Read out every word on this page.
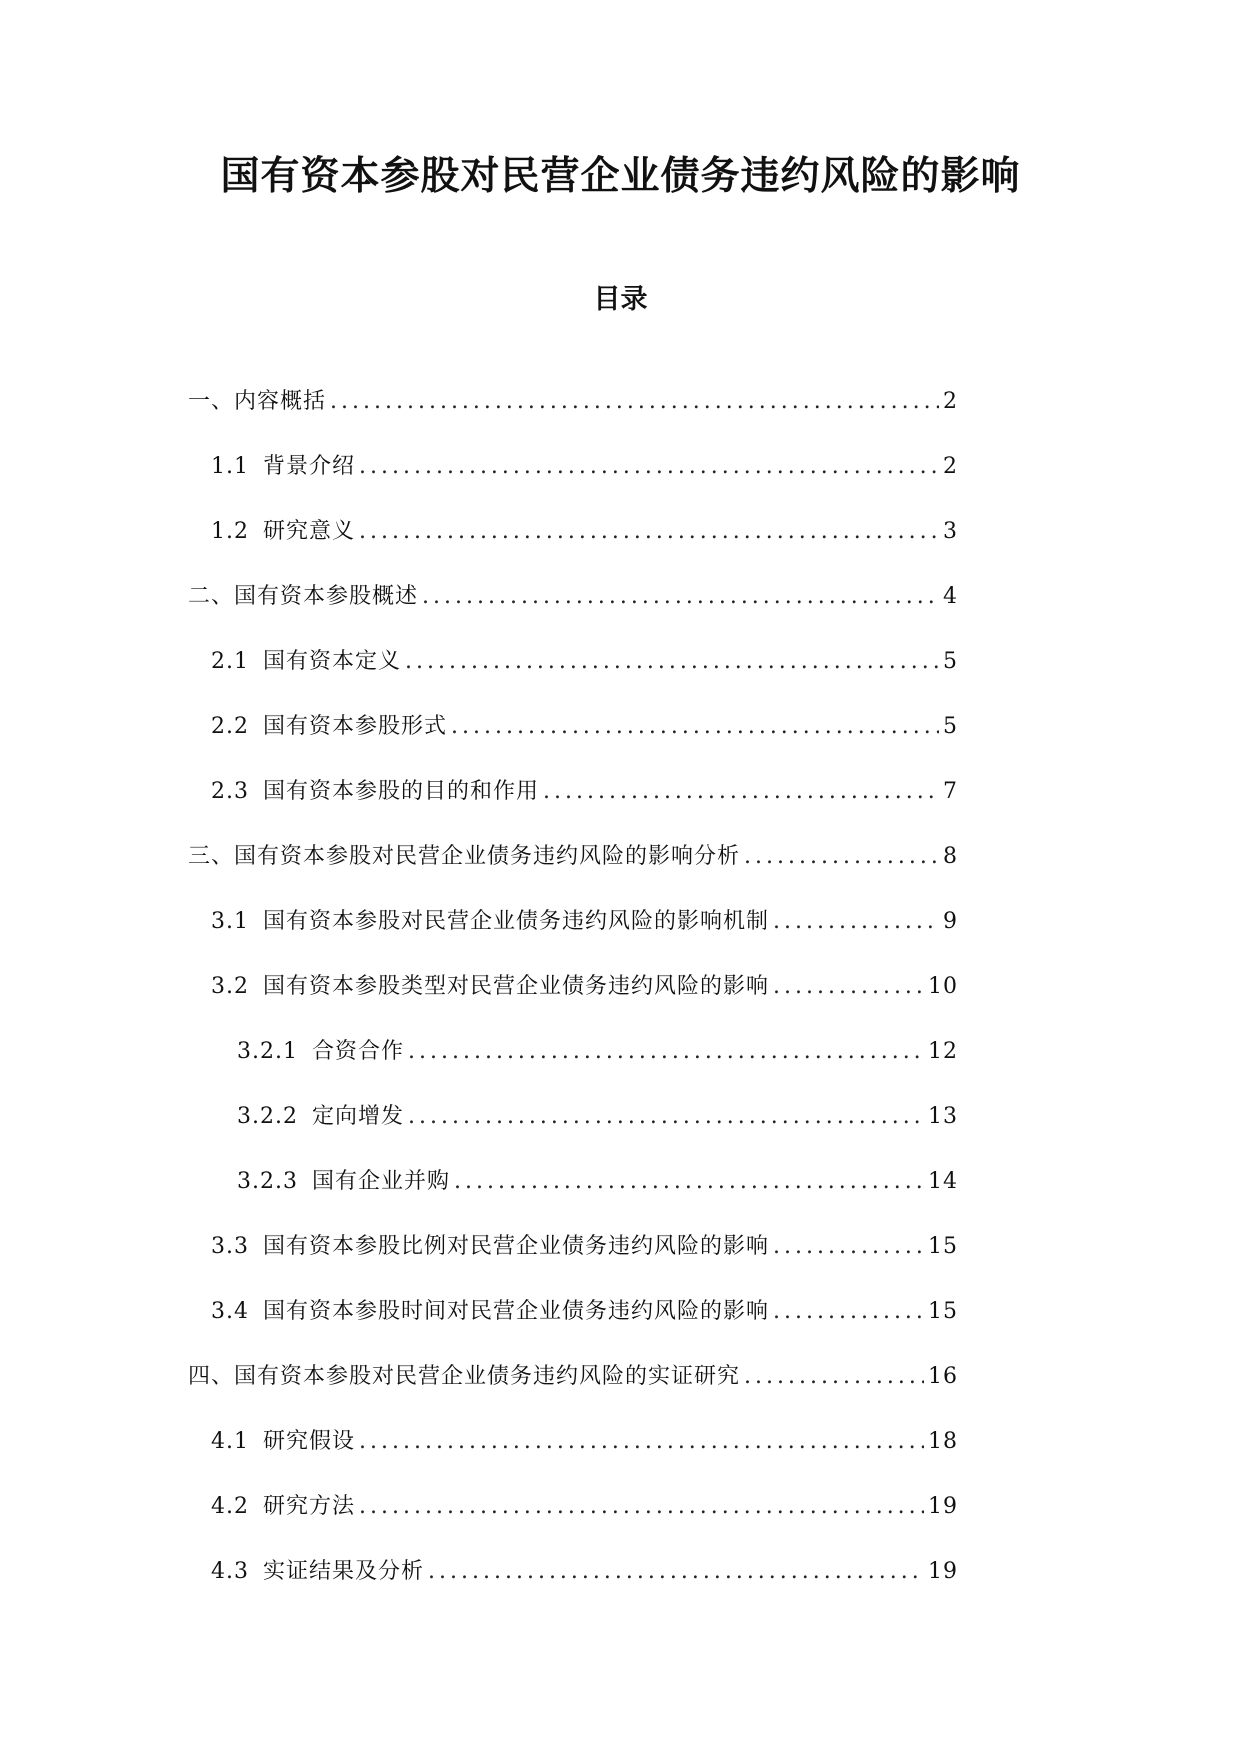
国有资本参股对民营企业债务违约风险的影响
目录
一、内容概括 .....	2
1.1 背景介绍 .....	2
1.2 研究意义 .....	3
二、国有资本参股概述 .....	4
2.1 国有资本定义 .....	5
2.2 国有资本参股形式 .....	5
2.3 国有资本参股的目的和作用 .....	7
三、国有资本参股对民营企业债务违约风险的影响分析 .....	8
3.1 国有资本参股对民营企业债务违约风险的影响机制 .....	9
3.2 国有资本参股类型对民营企业债务违约风险的影响 .....	10
3.2.1 合资合作 .....	12
3.2.2 定向增发 .....	13
3.2.3 国有企业并购 .....	14
3.3 国有资本参股比例对民营企业债务违约风险的影响 .....	15
3.4 国有资本参股时间对民营企业债务违约风险的影响 .....	15
四、国有资本参股对民营企业债务违约风险的实证研究 .....	16
4.1 研究假设 .....	18
4.2 研究方法 .....	19
4.3 实证结果及分析 .....	19
